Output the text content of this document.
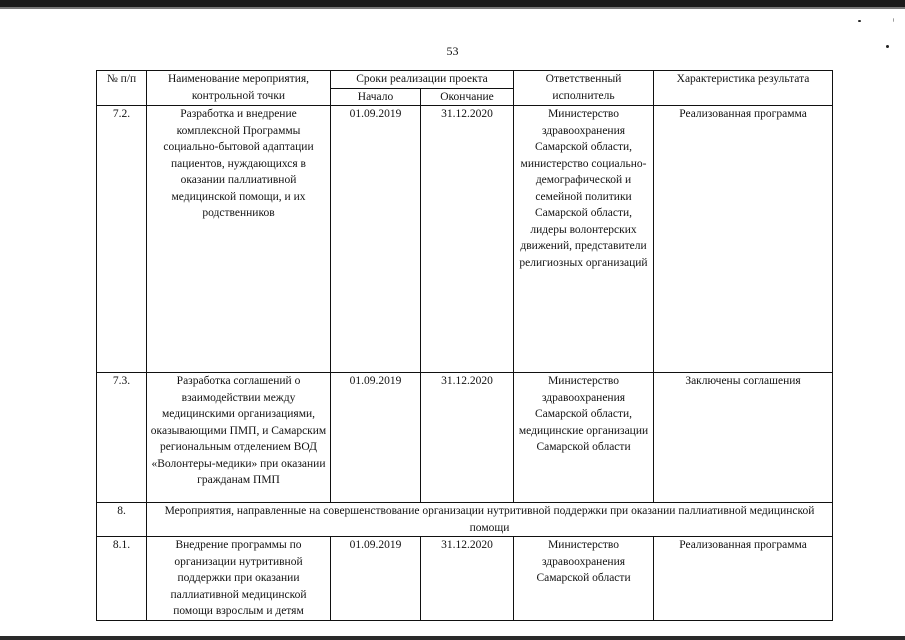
53
№ п/п	Наименование мероприятия, контрольной точки	Сроки реализации проекта		Ответственный исполнитель	Характеристика результата
		Начало	Окончание		
7.2.	Разработка и внедрение комплексной Программы социально-бытовой адаптации пациентов, нуждающихся в оказании паллиативной медицинской помощи, и их родственников	01.09.2019	31.12.2020	Министерство здравоохранения Самарской области, министерство социально-демографической и семейной политики Самарской области, лидеры волонтерских движений, представители религиозных организаций	Реализованная программа
7.3.	Разработка соглашений о взаимодействии между медицинскими организациями, оказывающими ПМП, и Самарским региональным отделением ВОД «Волонтеры-медики» при оказании гражданам ПМП	01.09.2019	31.12.2020	Министерство здравоохранения Самарской области, медицинские организации Самарской области	Заключены соглашения
8.	Мероприятия, направленные на совершенствование организации нутритивной поддержки при оказании паллиативной медицинской помощи				
8.1.	Внедрение программы по организации нутритивной поддержки при оказании паллиативной медицинской помощи взрослым и детям	01.09.2019	31.12.2020	Министерство здравоохранения Самарской области	Реализованная программа
